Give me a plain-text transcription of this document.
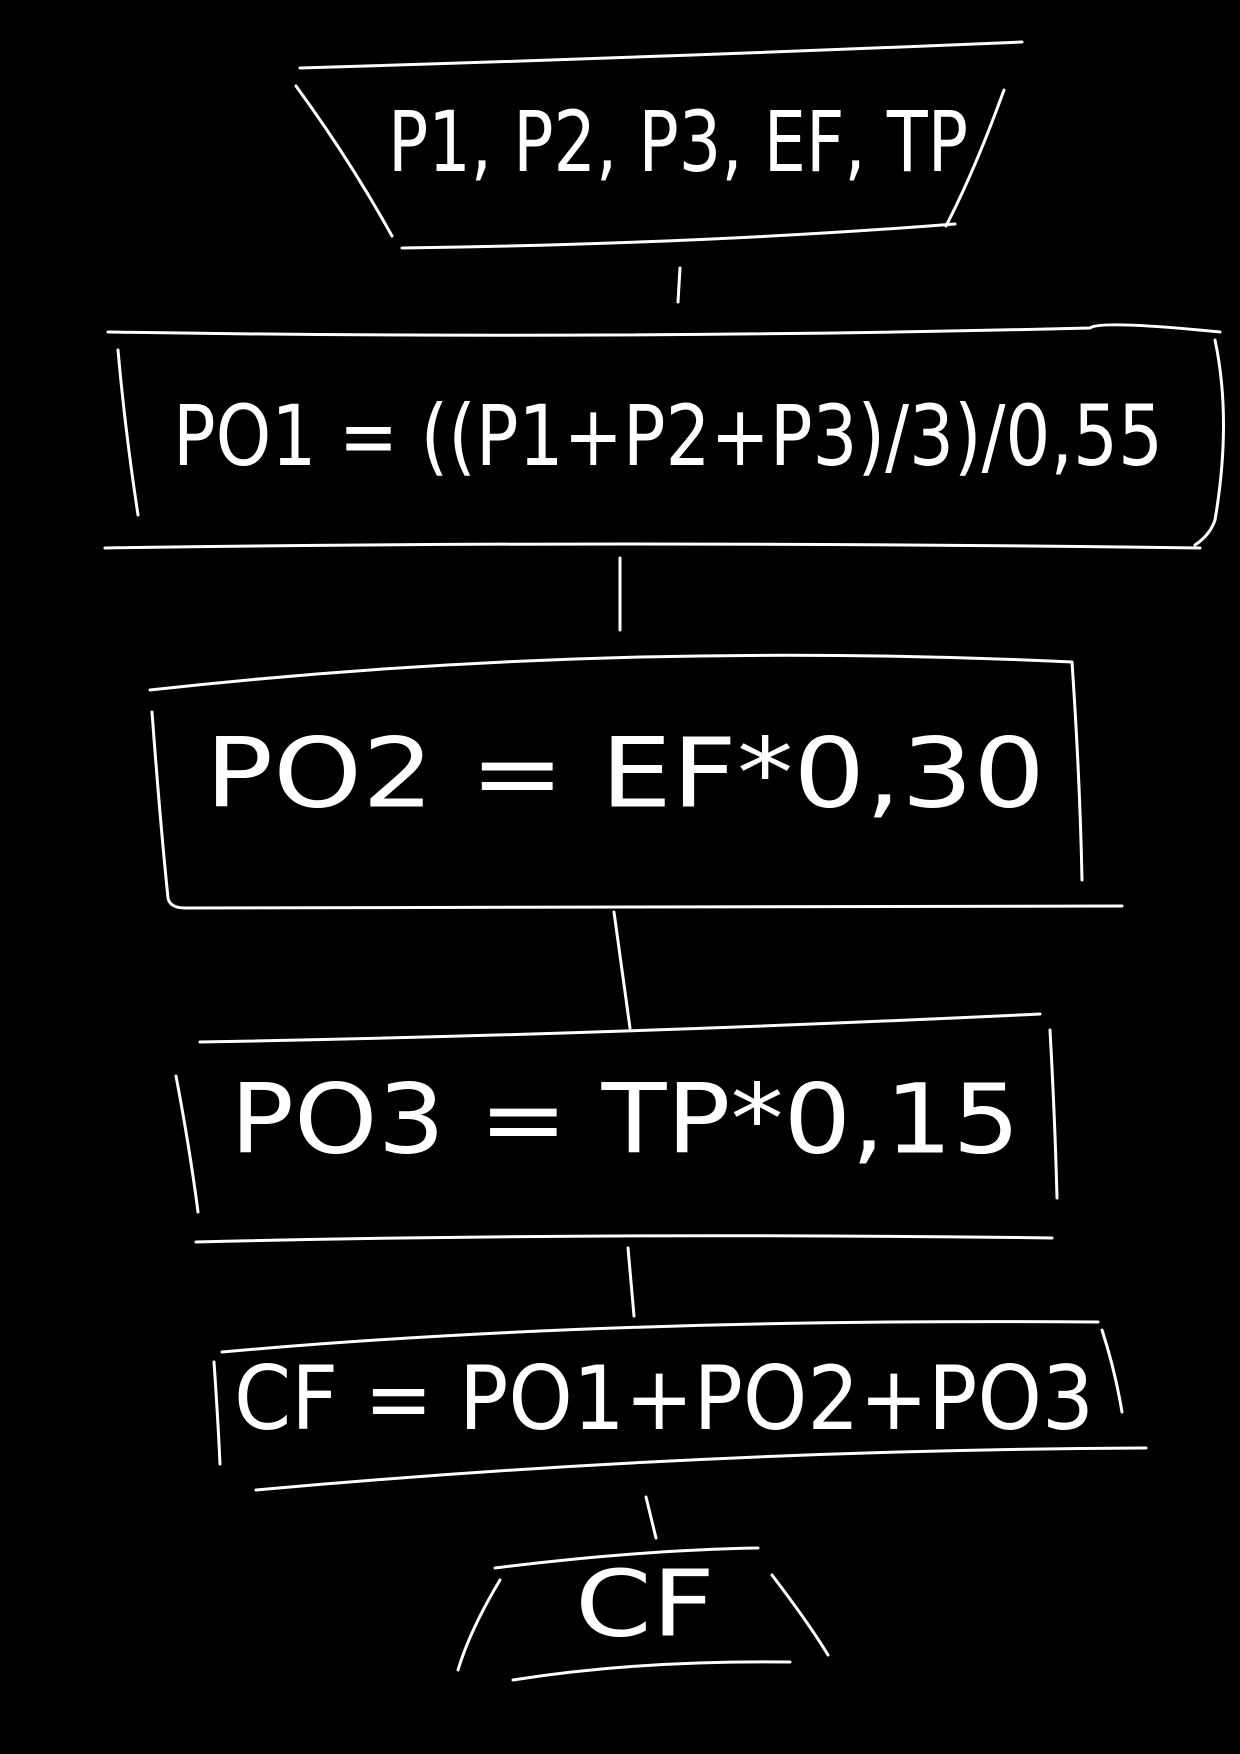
P1, P2, P3, EF, TP
PO1 = ((P1+P2+P3)/3)/0,55
PO2 = EF*0,30
PO3 = TP*0,15
CF = PO1+PO2+PO3
CF
